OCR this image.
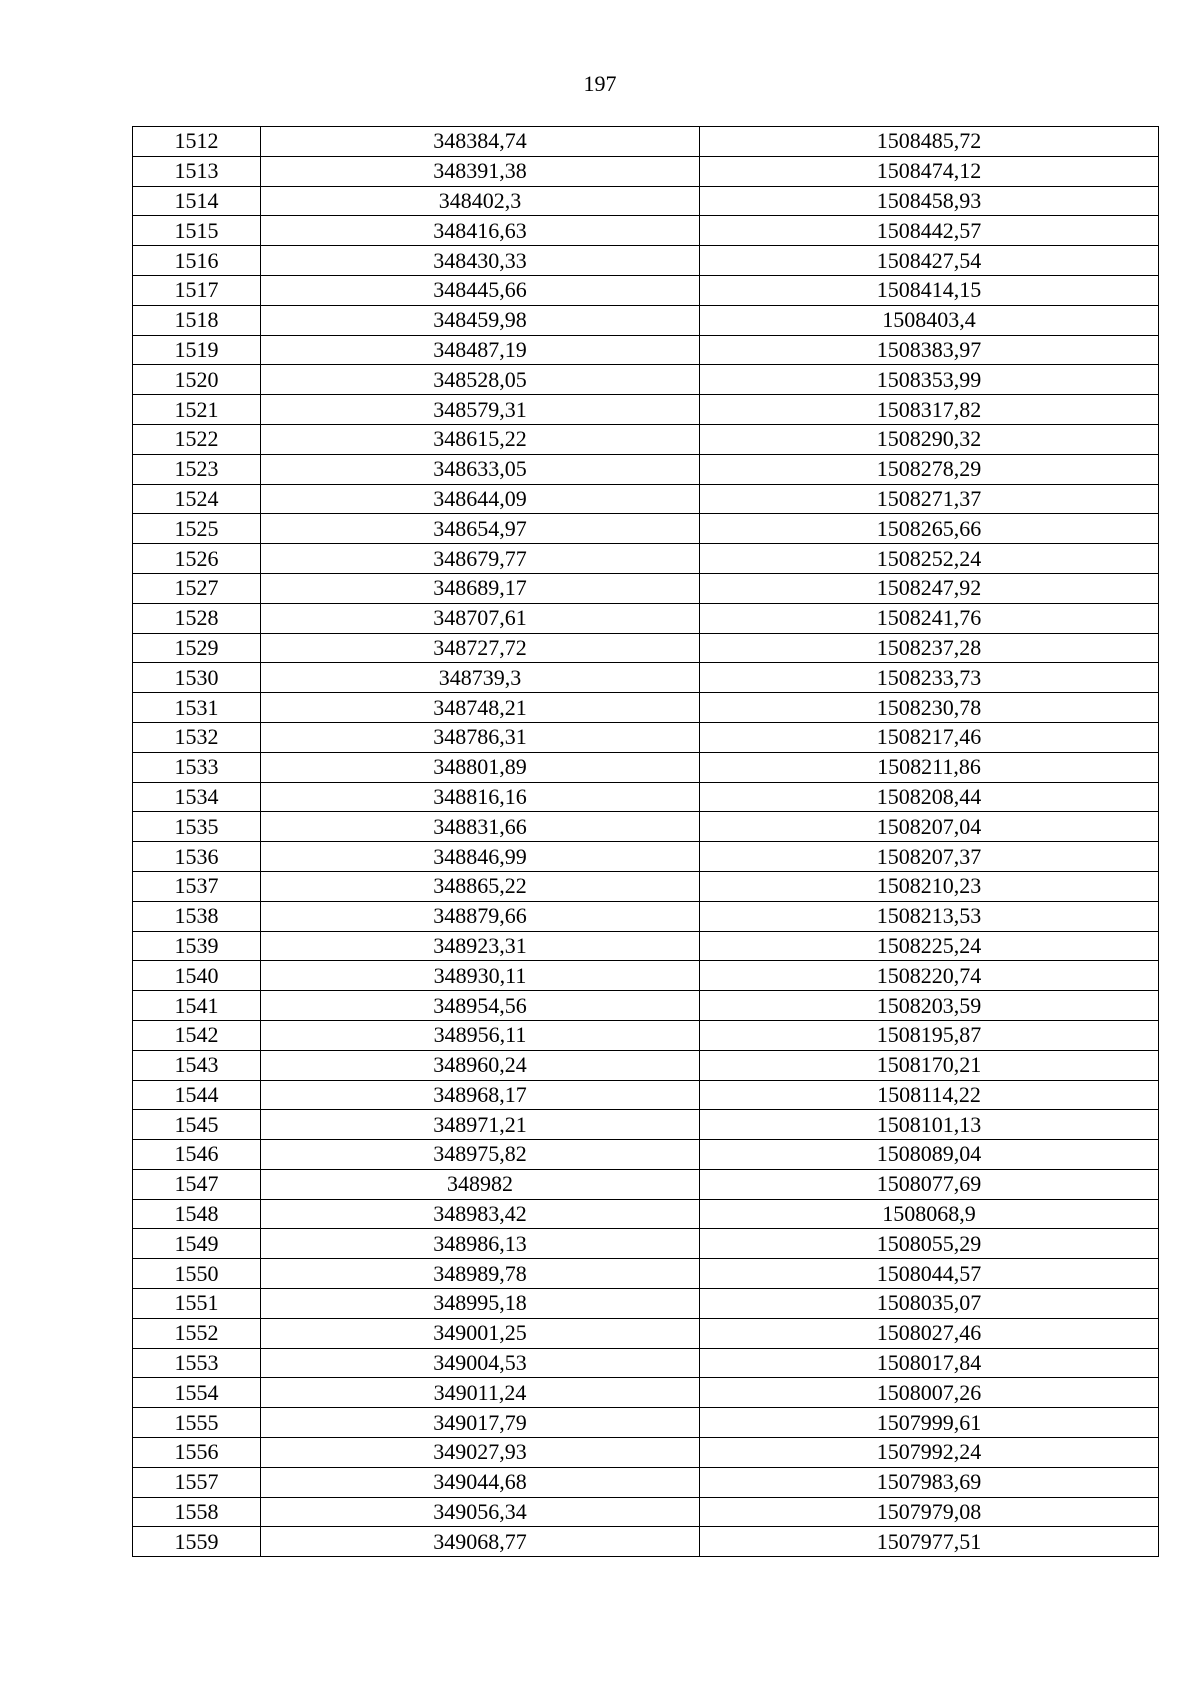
197
1512	348384,74	1508485,72
1513	348391,38	1508474,12
1514	348402,3	1508458,93
1515	348416,63	1508442,57
1516	348430,33	1508427,54
1517	348445,66	1508414,15
1518	348459,98	1508403,4
1519	348487,19	1508383,97
1520	348528,05	1508353,99
1521	348579,31	1508317,82
1522	348615,22	1508290,32
1523	348633,05	1508278,29
1524	348644,09	1508271,37
1525	348654,97	1508265,66
1526	348679,77	1508252,24
1527	348689,17	1508247,92
1528	348707,61	1508241,76
1529	348727,72	1508237,28
1530	348739,3	1508233,73
1531	348748,21	1508230,78
1532	348786,31	1508217,46
1533	348801,89	1508211,86
1534	348816,16	1508208,44
1535	348831,66	1508207,04
1536	348846,99	1508207,37
1537	348865,22	1508210,23
1538	348879,66	1508213,53
1539	348923,31	1508225,24
1540	348930,11	1508220,74
1541	348954,56	1508203,59
1542	348956,11	1508195,87
1543	348960,24	1508170,21
1544	348968,17	1508114,22
1545	348971,21	1508101,13
1546	348975,82	1508089,04
1547	348982	1508077,69
1548	348983,42	1508068,9
1549	348986,13	1508055,29
1550	348989,78	1508044,57
1551	348995,18	1508035,07
1552	349001,25	1508027,46
1553	349004,53	1508017,84
1554	349011,24	1508007,26
1555	349017,79	1507999,61
1556	349027,93	1507992,24
1557	349044,68	1507983,69
1558	349056,34	1507979,08
1559	349068,77	1507977,51
